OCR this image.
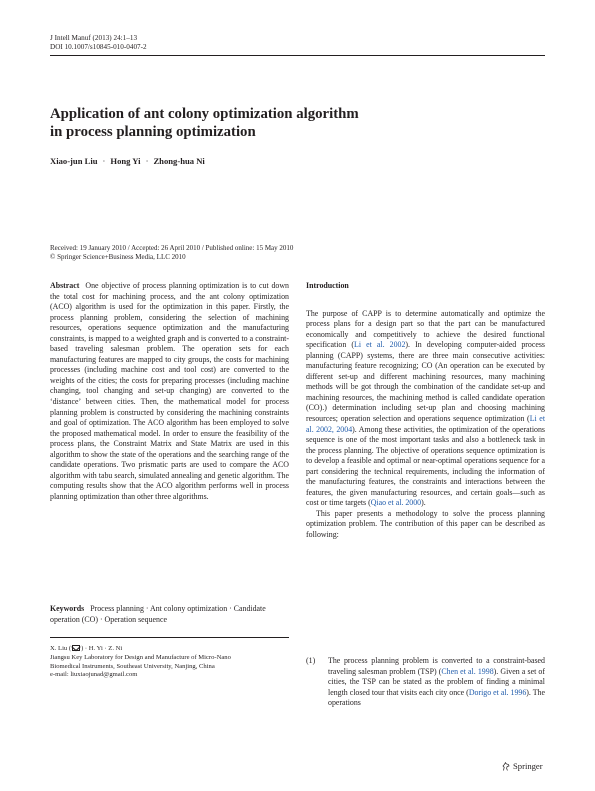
J Intell Manuf (2013) 24:1–13
DOI 10.1007/s10845-010-0407-2
Application of ant colony optimization algorithm
in process planning optimization
Xiao-jun Liu · Hong Yi · Zhong-hua Ni
Received: 19 January 2010 / Accepted: 26 April 2010 / Published online: 15 May 2010
© Springer Science+Business Media, LLC 2010

Abstract One objective of process planning optimization is to cut down the total cost for machining process, and the ant colony optimization (ACO) algorithm is used for the optimization in this paper. Firstly, the process planning problem, considering the selection of machining resources, operations sequence optimization and the manufacturing constraints, is mapped to a weighted graph and is converted to a constraint-based traveling salesman problem. The operation sets for each manufacturing features are mapped to city groups, the costs for machining processes (including machine cost and tool cost) are converted to the weights of the cities; the costs for preparing processes (including machine changing, tool changing and set-up changing) are converted to the ‘distance’ between cities. Then, the mathematical model for process planning problem is constructed by considering the machining constraints and goal of optimization. The ACO algorithm has been employed to solve the proposed mathematical model. In order to ensure the feasibility of the process plans, the Constraint Matrix and State Matrix are used in this algorithm to show the state of the operations and the searching range of the candidate operations. Two prismatic parts are used to compare the ACO algorithm with tabu search, simulated annealing and genetic algorithm. The computing results show that the ACO algorithm performs well in process planning optimization than other three algorithms.

Keywords Process planning · Ant colony optimization · Candidate operation (CO) · Operation sequence
X. Liu ( ) · H. Yi · Z. Ni
Jiangsu Key Laboratory for Design and Manufacture of Micro-Nano
Biomedical Instruments, Southeast University, Nanjing, China
e-mail: liuxiaojunad@gmail.com
Introduction

The purpose of CAPP is to determine automatically and optimize the process plans for a design part so that the part can be manufactured economically and competitively to achieve the desired functional specification (Li et al. 2002). In developing computer-aided process planning (CAPP) systems, there are three main consecutive activities: manufacturing feature recognizing; CO (An operation can be executed by different set-up and different machining resources, many machining methods will be got through the combination of the candidate set-up and machining resources, the machining method is called candidate operation (CO).) determination including set-up plan and choosing machining resources; operation selection and operations sequence optimization (Li et al. 2002, 2004). Among these activities, the optimization of the operations sequence is one of the most important tasks and also a bottleneck task in the process planning. The objective of operations sequence optimization is to develop a feasible and optimal or near-optimal operations sequence for a part considering the technical requirements, including the information of the manufacturing features, the constraints and interactions between the features, the given manufacturing resources, and certain goals—such as cost or time targets (Qiao et al. 2000).

This paper presents a methodology to solve the process planning optimization problem. The contribution of this paper can be described as following:

(1) The process planning problem is converted to a constraint-based traveling salesman problem (TSP) (Chen et al. 1998). Given a set of cities, the TSP can be stated as the problem of finding a minimal length closed tour that visits each city once (Dorigo et al. 1996). The operations
Springer
